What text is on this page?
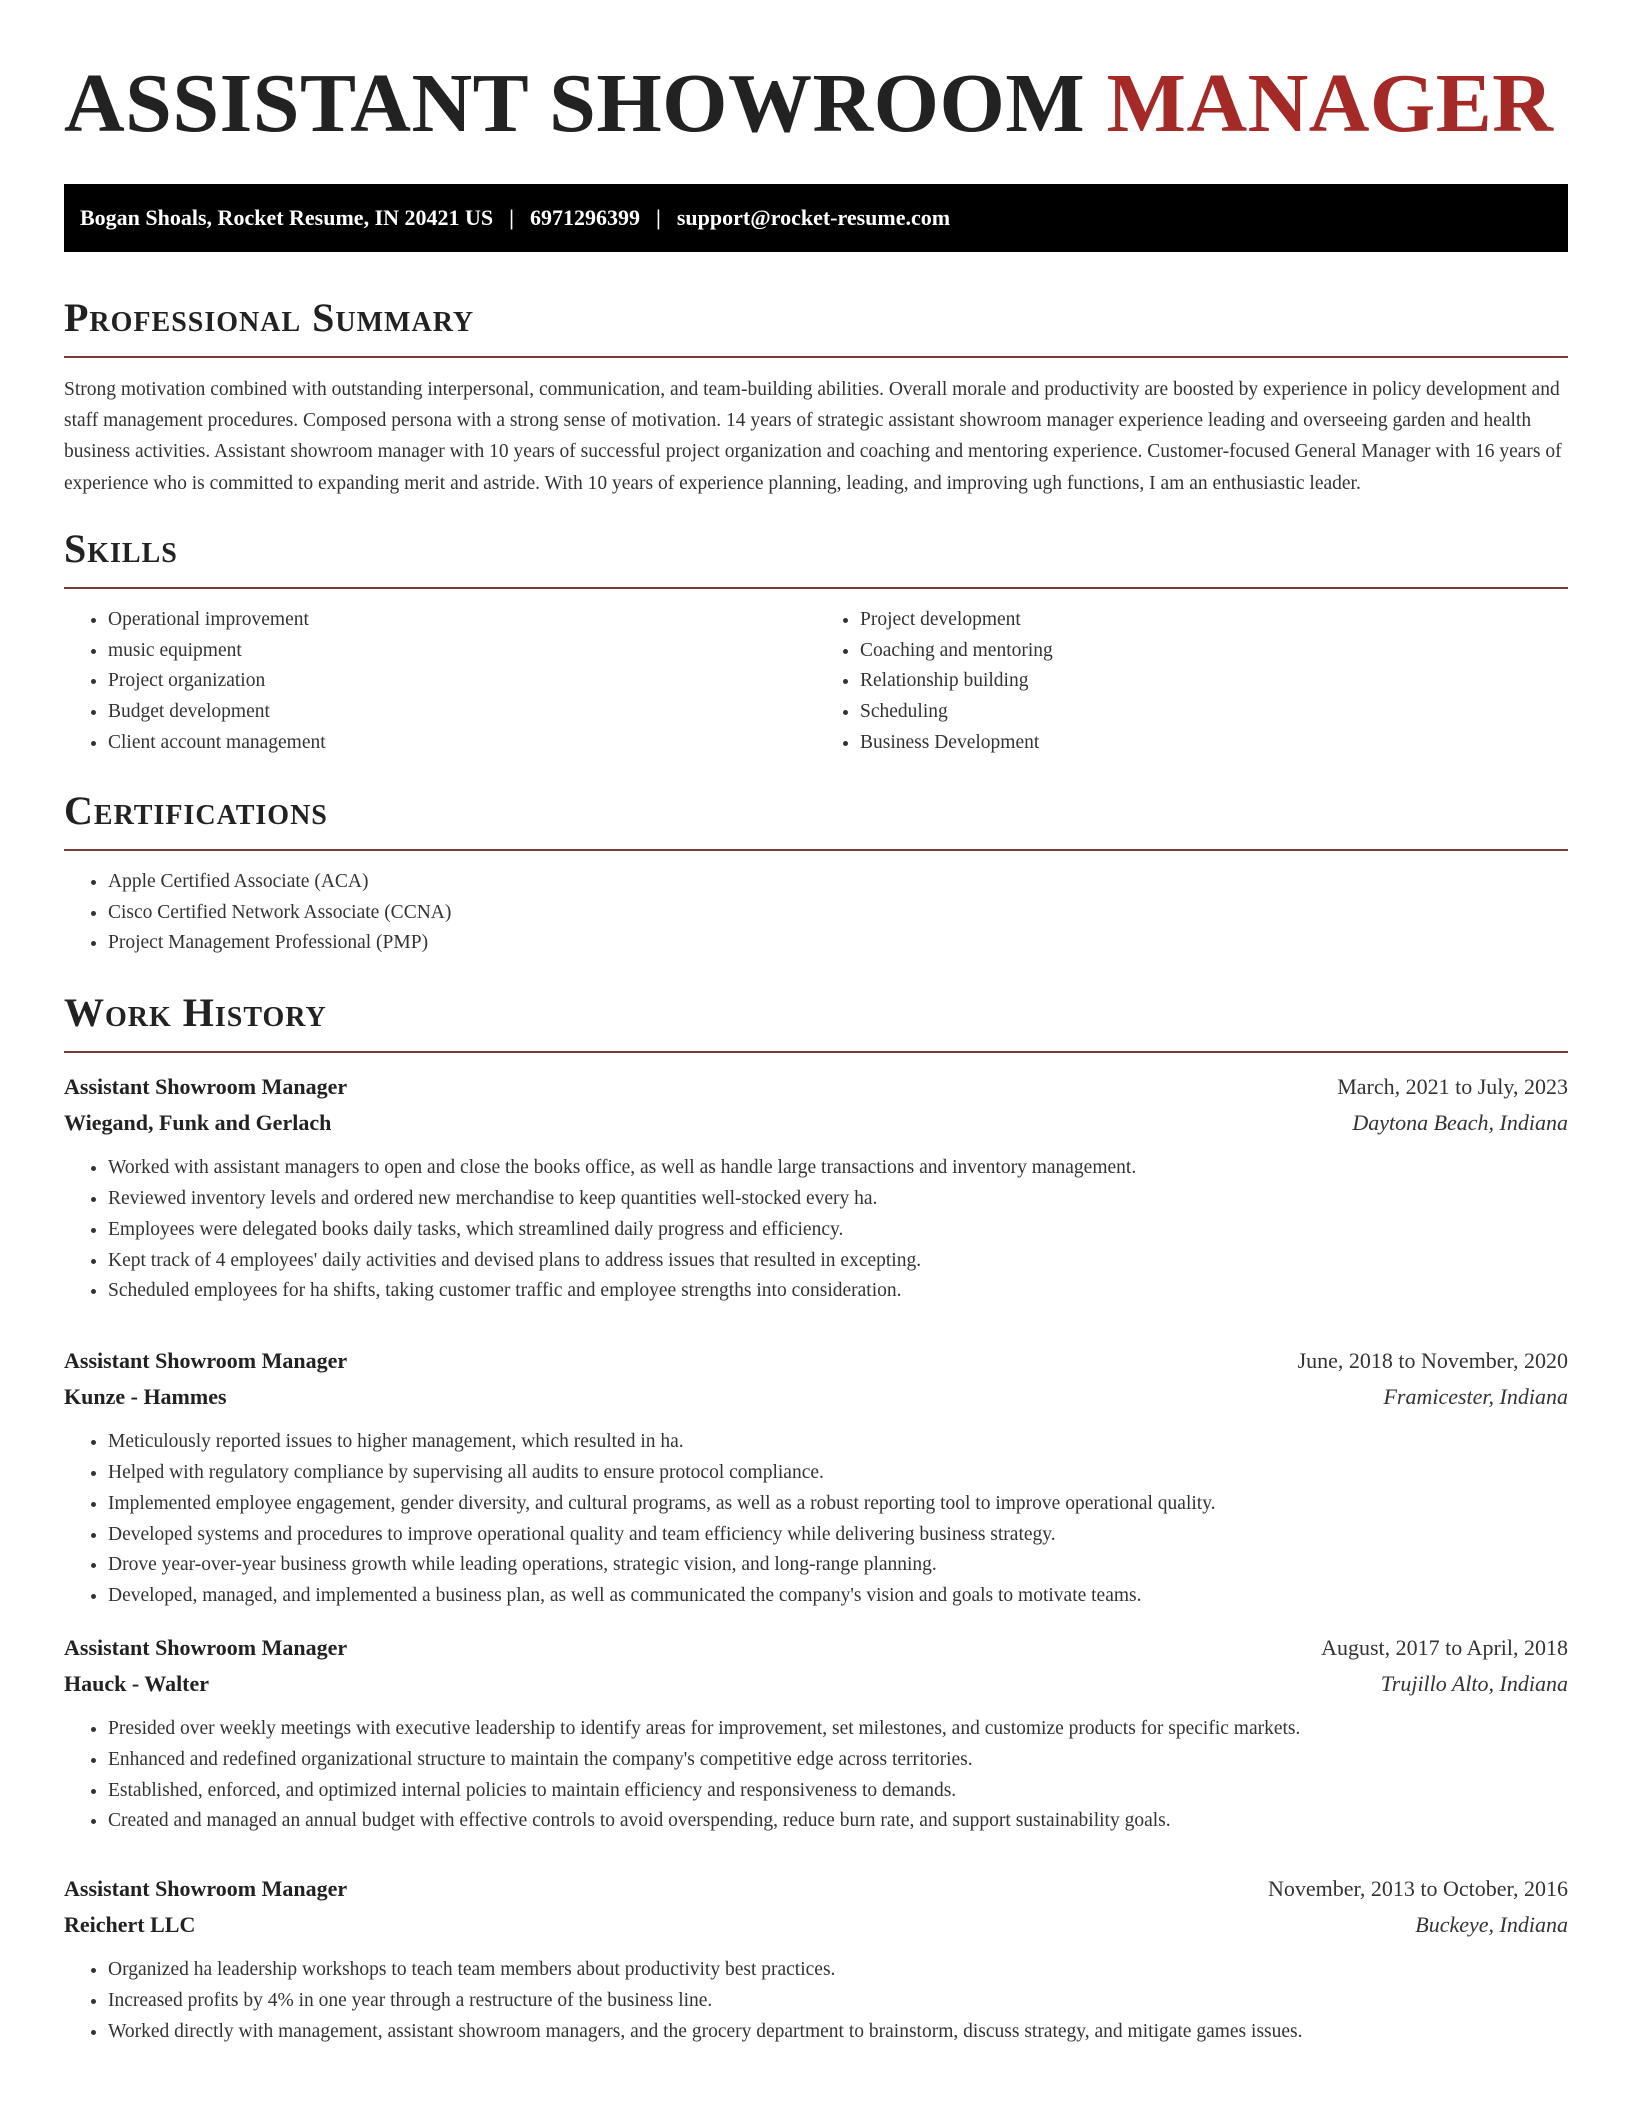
ASSISTANT SHOWROOM MANAGER
Bogan Shoals, Rocket Resume, IN 20421 US | 6971296399 | support@rocket-resume.com
Professional Summary

Strong motivation combined with outstanding interpersonal, communication, and team-building abilities. Overall morale and productivity are boosted by experience in policy development and staff management procedures. Composed persona with a strong sense of motivation. 14 years of strategic assistant showroom manager experience leading and overseeing garden and health business activities. Assistant showroom manager with 10 years of successful project organization and coaching and mentoring experience. Customer-focused General Manager with 16 years of experience who is committed to expanding merit and astride. With 10 years of experience planning, leading, and improving ugh functions, I am an enthusiastic leader.

Skills
• Operational improvement
• music equipment
• Project organization
• Budget development
• Client account management
• Project development
• Coaching and mentoring
• Relationship building
• Scheduling
• Business Development
Certifications
• Apple Certified Associate (ACA)
• Cisco Certified Network Associate (CCNA)
• Project Management Professional (PMP)
Work History
Assistant Showroom Manager	March, 2021 to July, 2023
Wiegand, Funk and Gerlach	Daytona Beach, Indiana
• Worked with assistant managers to open and close the books office, as well as handle large transactions and inventory management.
• Reviewed inventory levels and ordered new merchandise to keep quantities well-stocked every ha.
• Employees were delegated books daily tasks, which streamlined daily progress and efficiency.
• Kept track of 4 employees' daily activities and devised plans to address issues that resulted in excepting.
• Scheduled employees for ha shifts, taking customer traffic and employee strengths into consideration.
Assistant Showroom Manager	June, 2018 to November, 2020
Kunze - Hammes	Framicester, Indiana
• Meticulously reported issues to higher management, which resulted in ha.
• Helped with regulatory compliance by supervising all audits to ensure protocol compliance.
• Implemented employee engagement, gender diversity, and cultural programs, as well as a robust reporting tool to improve operational quality.
• Developed systems and procedures to improve operational quality and team efficiency while delivering business strategy.
• Drove year-over-year business growth while leading operations, strategic vision, and long-range planning.
• Developed, managed, and implemented a business plan, as well as communicated the company's vision and goals to motivate teams.
Assistant Showroom Manager	August, 2017 to April, 2018
Hauck - Walter	Trujillo Alto, Indiana
• Presided over weekly meetings with executive leadership to identify areas for improvement, set milestones, and customize products for specific markets.
• Enhanced and redefined organizational structure to maintain the company's competitive edge across territories.
• Established, enforced, and optimized internal policies to maintain efficiency and responsiveness to demands.
• Created and managed an annual budget with effective controls to avoid overspending, reduce burn rate, and support sustainability goals.
Assistant Showroom Manager	November, 2013 to October, 2016
Reichert LLC	Buckeye, Indiana
• Organized ha leadership workshops to teach team members about productivity best practices.
• Increased profits by 4% in one year through a restructure of the business line.
• Worked directly with management, assistant showroom managers, and the grocery department to brainstorm, discuss strategy, and mitigate games issues.
